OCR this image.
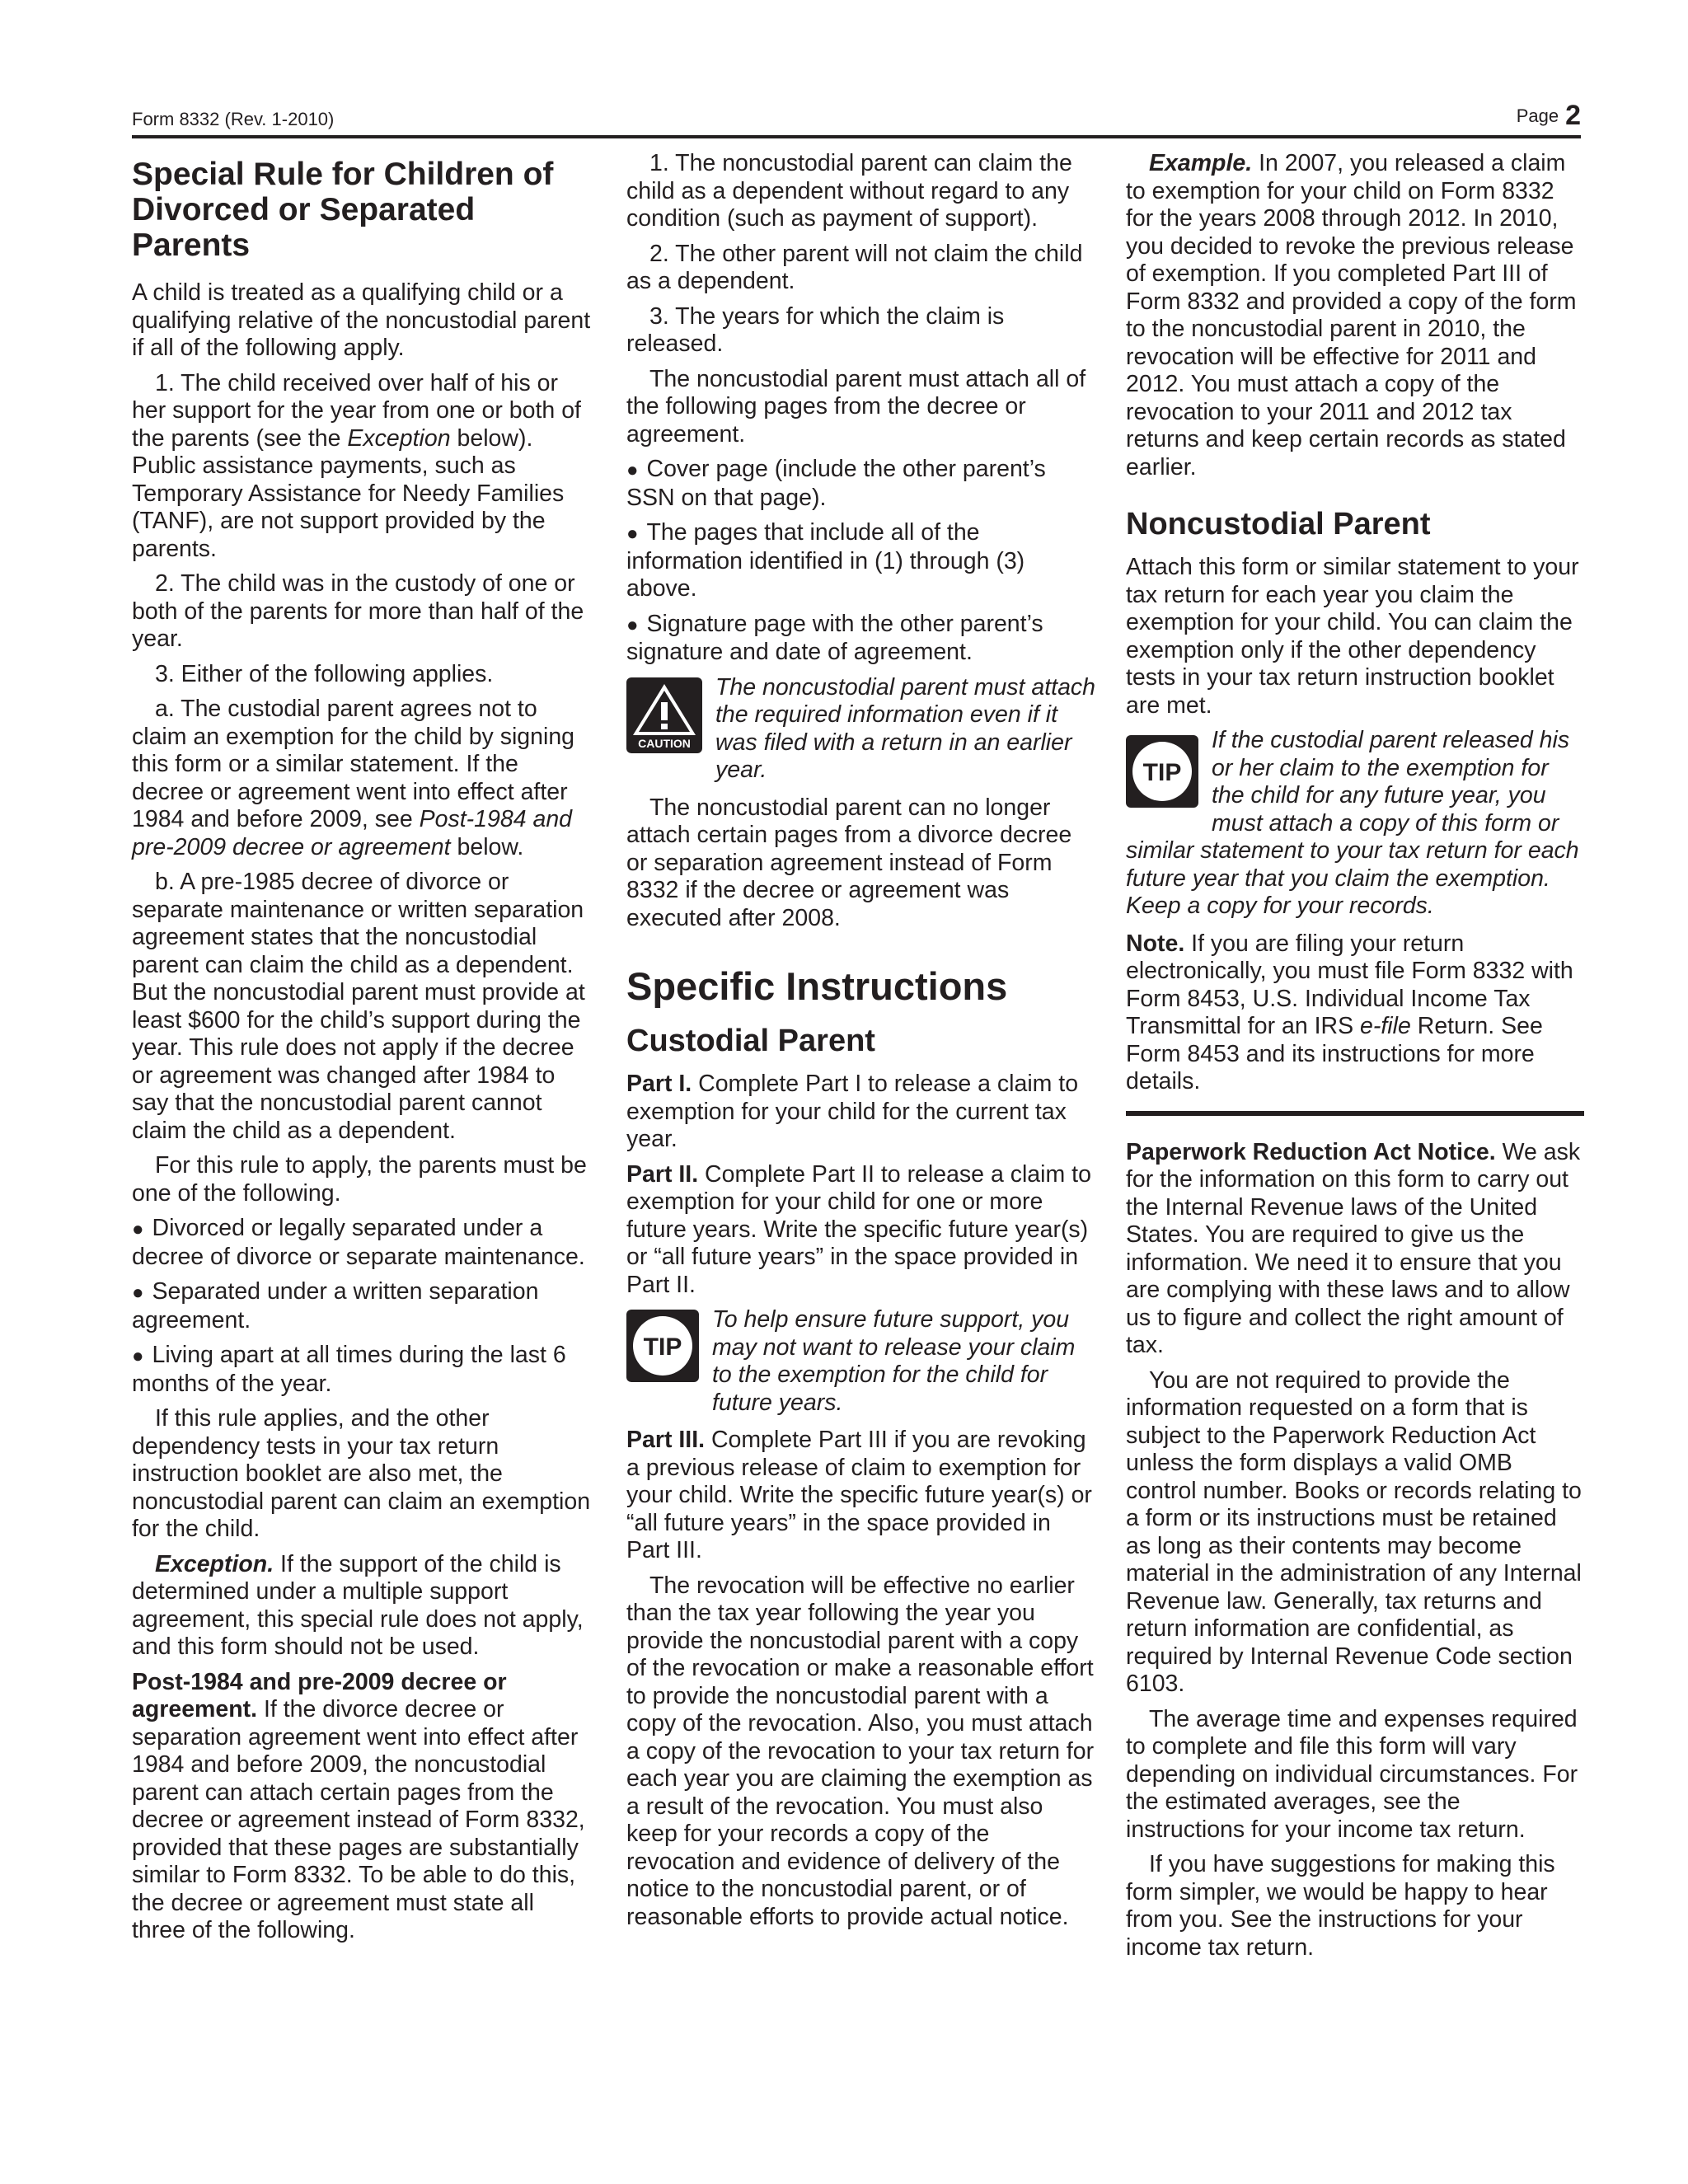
Form 8332 (Rev. 1-2010)	Page 2
Special Rule for Children of Divorced or Separated Parents

A child is treated as a qualifying child or a qualifying relative of the noncustodial parent if all of the following apply.

1. The child received over half of his or her support for the year from one or both of the parents (see the Exception below). Public assistance payments, such as Temporary Assistance for Needy Families (TANF), are not support provided by the parents.

2. The child was in the custody of one or both of the parents for more than half of the year.

3. Either of the following applies.

a. The custodial parent agrees not to claim an exemption for the child by signing this form or a similar statement. If the decree or agreement went into effect after 1984 and before 2009, see Post-1984 and pre-2009 decree or agreement below.

b. A pre-1985 decree of divorce or separate maintenance or written separation agreement states that the noncustodial parent can claim the child as a dependent. But the noncustodial parent must provide at least $600 for the child’s support during the year. This rule does not apply if the decree or agreement was changed after 1984 to say that the noncustodial parent cannot claim the child as a dependent.

For this rule to apply, the parents must be one of the following.

● Divorced or legally separated under a decree of divorce or separate maintenance.

● Separated under a written separation agreement.

● Living apart at all times during the last 6 months of the year.

If this rule applies, and the other dependency tests in your tax return instruction booklet are also met, the noncustodial parent can claim an exemption for the child.

Exception. If the support of the child is determined under a multiple support agreement, this special rule does not apply, and this form should not be used.

Post-1984 and pre-2009 decree or agreement. If the divorce decree or separation agreement went into effect after 1984 and before 2009, the noncustodial parent can attach certain pages from the decree or agreement instead of Form 8332, provided that these pages are substantially similar to Form 8332. To be able to do this, the decree or agreement must state all three of the following.

1. The noncustodial parent can claim the child as a dependent without regard to any condition (such as payment of support).

2. The other parent will not claim the child as a dependent.

3. The years for which the claim is released.

The noncustodial parent must attach all of the following pages from the decree or agreement.

● Cover page (include the other parent’s SSN on that page).

● The pages that include all of the information identified in (1) through (3) above.

● Signature page with the other parent’s signature and date of agreement.

CAUTION
The noncustodial parent must attach the required information even if it was filed with a return in an earlier year.

The noncustodial parent can no longer attach certain pages from a divorce decree or separation agreement instead of Form 8332 if the decree or agreement was executed after 2008.

Specific Instructions
Custodial Parent

Part I. Complete Part I to release a claim to exemption for your child for the current tax year.

Part II. Complete Part II to release a claim to exemption for your child for one or more future years. Write the specific future year(s) or “all future years” in the space provided in Part II.

TIP
To help ensure future support, you may not want to release your claim to the exemption for the child for future years.

Part III. Complete Part III if you are revoking a previous release of claim to exemption for your child. Write the specific future year(s) or “all future years” in the space provided in Part III.

The revocation will be effective no earlier than the tax year following the year you provide the noncustodial parent with a copy of the revocation or make a reasonable effort to provide the noncustodial parent with a copy of the revocation. Also, you must attach a copy of the revocation to your tax return for each year you are claiming the exemption as a result of the revocation. You must also keep for your records a copy of the revocation and evidence of delivery of the notice to the noncustodial parent, or of reasonable efforts to provide actual notice.

Example. In 2007, you released a claim to exemption for your child on Form 8332 for the years 2008 through 2012. In 2010, you decided to revoke the previous release of exemption. If you completed Part III of Form 8332 and provided a copy of the form to the noncustodial parent in 2010, the revocation will be effective for 2011 and 2012. You must attach a copy of the revocation to your 2011 and 2012 tax returns and keep certain records as stated earlier.

Noncustodial Parent

Attach this form or similar statement to your tax return for each year you claim the exemption for your child. You can claim the exemption only if the other dependency tests in your tax return instruction booklet are met.

TIP
If the custodial parent released his or her claim to the exemption for the child for any future year, you must attach a copy of this form or similar statement to your tax return for each future year that you claim the exemption. Keep a copy for your records.

Note. If you are filing your return electronically, you must file Form 8332 with Form 8453, U.S. Individual Income Tax Transmittal for an IRS e-file Return. See Form 8453 and its instructions for more details.

Paperwork Reduction Act Notice. We ask for the information on this form to carry out the Internal Revenue laws of the United States. You are required to give us the information. We need it to ensure that you are complying with these laws and to allow us to figure and collect the right amount of tax.

You are not required to provide the information requested on a form that is subject to the Paperwork Reduction Act unless the form displays a valid OMB control number. Books or records relating to a form or its instructions must be retained as long as their contents may become material in the administration of any Internal Revenue law. Generally, tax returns and return information are confidential, as required by Internal Revenue Code section 6103.

The average time and expenses required to complete and file this form will vary depending on individual circumstances. For the estimated averages, see the instructions for your income tax return.

If you have suggestions for making this form simpler, we would be happy to hear from you. See the instructions for your income tax return.
